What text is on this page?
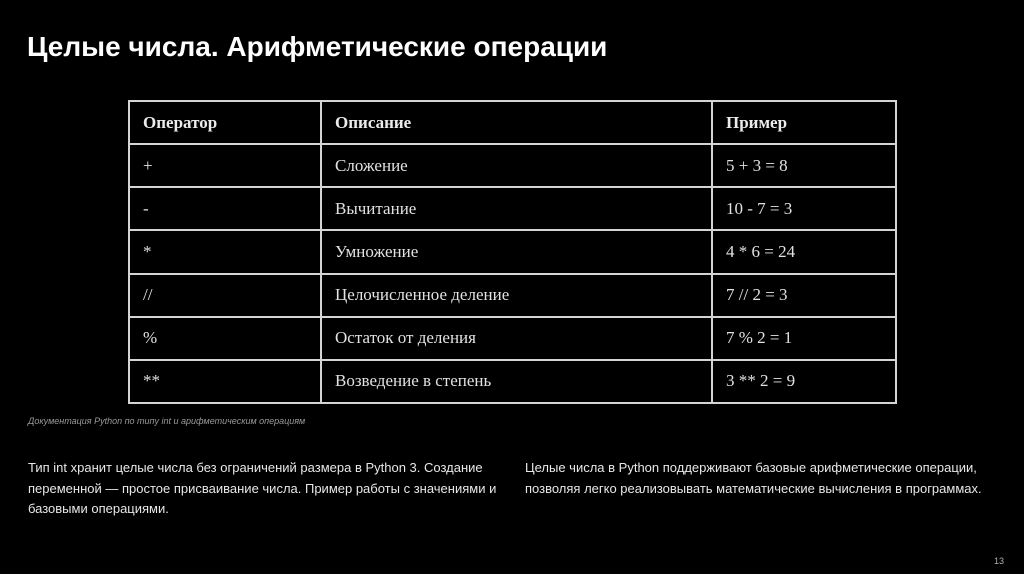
Целые числа. Арифметические операции
Оператор	Описание	Пример
+	Сложение	5 + 3 = 8
-	Вычитание	10 - 7 = 3
*	Умножение	4 * 6 = 24
//	Целочисленное деление	7 // 2 = 3
%	Остаток от деления	7 % 2 = 1
**	Возведение в степень	3 ** 2 = 9
Документация Python по типу int и арифметическим операциям

Тип int хранит целые числа без ограничений размера в Python 3. Создание переменной — простое присваивание числа. Пример работы с значениями и базовыми операциями.

Целые числа в Python поддерживают базовые арифметические операции, позволяя легко реализовывать математические вычисления в программах.

13
